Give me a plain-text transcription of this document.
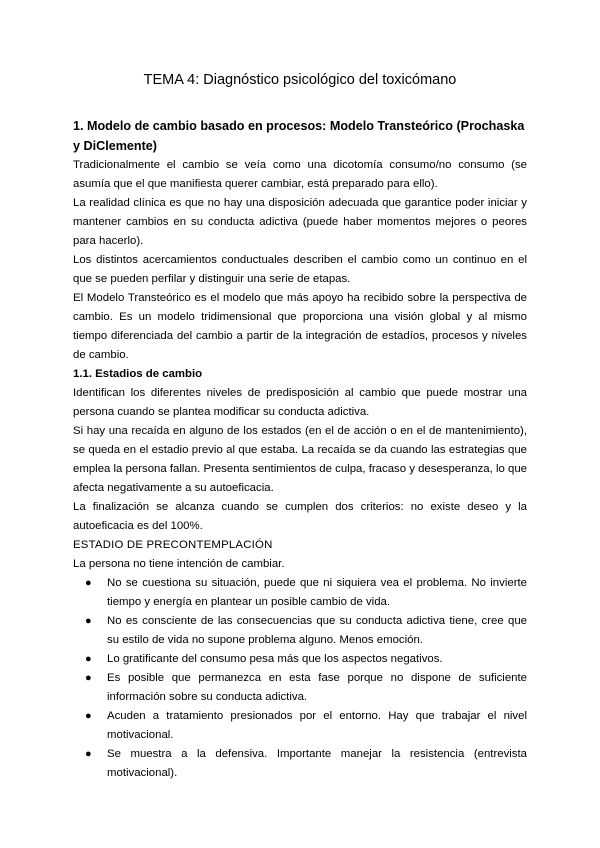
TEMA 4: Diagnóstico psicológico del toxicómano
1. Modelo de cambio basado en procesos: Modelo Transteórico (Prochaska y DiClemente)

Tradicionalmente el cambio se veía como una dicotomía consumo/no consumo (se asumía que el que manifiesta querer cambiar, está preparado para ello).

La realidad clínica es que no hay una disposición adecuada que garantice poder iniciar y mantener cambios en su conducta adictiva (puede haber momentos mejores o peores para hacerlo).

Los distintos acercamientos conductuales describen el cambio como un continuo en el que se pueden perfilar y distinguir una serie de etapas.

El Modelo Transteórico es el modelo que más apoyo ha recibido sobre la perspectiva de cambio. Es un modelo tridimensional que proporciona una visión global y al mismo tiempo diferenciada del cambio a partir de la integración de estadíos, procesos y niveles de cambio.

1.1. Estadios de cambio

Identifican los diferentes niveles de predisposición al cambio que puede mostrar una persona cuando se plantea modificar su conducta adictiva.

Si hay una recaída en alguno de los estados (en el de acción o en el de mantenimiento), se queda en el estadio previo al que estaba. La recaída se da cuando las estrategias que emplea la persona fallan. Presenta sentimientos de culpa, fracaso y desesperanza, lo que afecta negativamente a su autoeficacia.

La finalización se alcanza cuando se cumplen dos criterios: no existe deseo y la autoeficacia es del 100%.

ESTADIO DE PRECONTEMPLACIÓN

La persona no tiene intención de cambiar.

● No se cuestiona su situación, puede que ni siquiera vea el problema. No invierte tiempo y energía en plantear un posible cambio de vida.
● No es consciente de las consecuencias que su conducta adictiva tiene, cree que su estilo de vida no supone problema alguno. Menos emoción.
● Lo gratificante del consumo pesa más que los aspectos negativos.
● Es posible que permanezca en esta fase porque no dispone de suficiente información sobre su conducta adictiva.
● Acuden a tratamiento presionados por el entorno. Hay que trabajar el nivel motivacional.
● Se muestra a la defensiva. Importante manejar la resistencia (entrevista motivacional).
